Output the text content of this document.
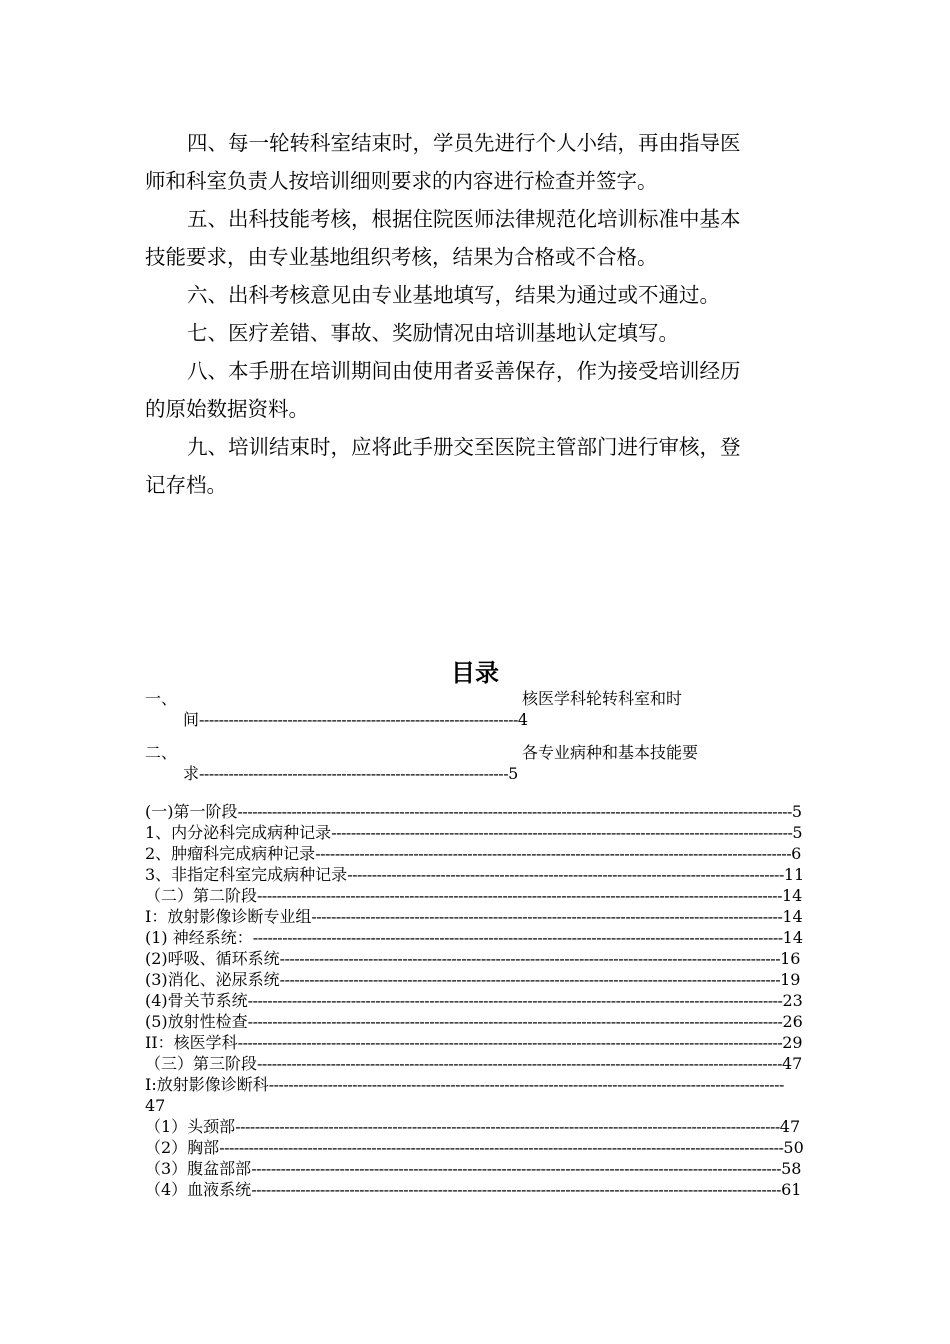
四、每一轮转科室结束时，学员先进行个人小结，再由指导医
师和科室负责人按培训细则要求的内容进行检查并签字。
五、出科技能考核，根据住院医师法律规范化培训标准中基本
技能要求，由专业基地组织考核，结果为合格或不合格。
六、出科考核意见由专业基地填写，结果为通过或不通过。
七、医疗差错、事故、奖励情况由培训基地认定填写。
八、本手册在培训期间由使用者妥善保存，作为接受培训经历
的原始数据资料。
九、培训结束时，应将此手册交至医院主管部门进行审核，登
记存档。
目录
一、	核医学科轮转科室和时
间-----------------------------------------------------------------4
二、	各专业病种和基本技能要
求---------------------------------------------------------------5
(一)第一阶段-----------------------------------------------------------------------------------------------------------------5
1、内分泌科完成病种记录----------------------------------------------------------------------------------------------5
2、肿瘤科完成病种记录-------------------------------------------------------------------------------------------------6
3、非指定科室完成病种记录-----------------------------------------------------------------------------------------11
（二）第二阶段-----------------------------------------------------------------------------------------------------------14
I：放射影像诊断专业组------------------------------------------------------------------------------------------------14
(1) 神经系统：------------------------------------------------------------------------------------------------------------14
(2)呼吸、循环系统------------------------------------------------------------------------------------------------------16
(3)消化、泌尿系统------------------------------------------------------------------------------------------------------19
(4)骨关节系统-------------------------------------------------------------------------------------------------------------23
(5)放射性检查-------------------------------------------------------------------------------------------------------------26
II：核医学科---------------------------------------------------------------------------------------------------------------29
（三）第三阶段-----------------------------------------------------------------------------------------------------------47
I:放射影像诊断科---------------------------------------------------------------------------------------------------------
47
（1）头颈部---------------------------------------------------------------------------------------------------------------47
（2）胸部-------------------------------------------------------------------------------------------------------------------50
（3）腹盆部部------------------------------------------------------------------------------------------------------------58
（4）血液系统------------------------------------------------------------------------------------------------------------61
